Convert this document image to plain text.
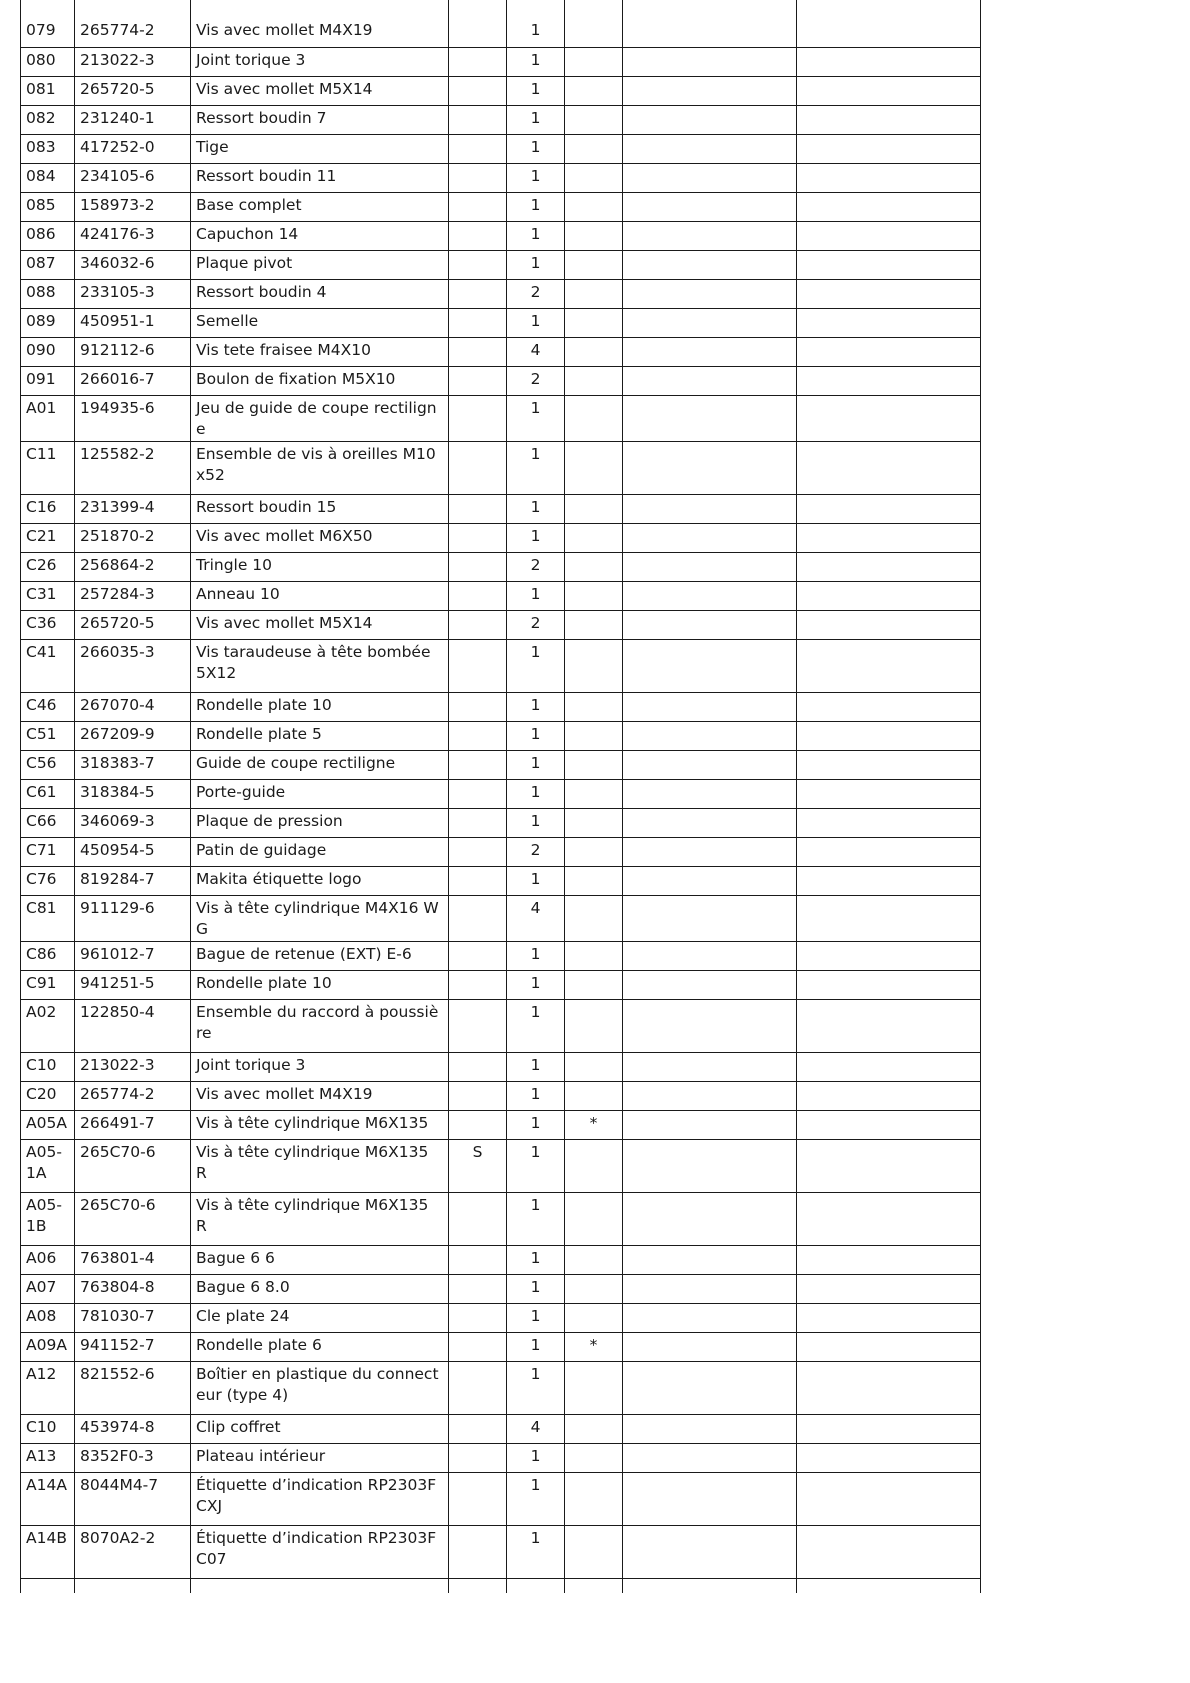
079	265774-2	Vis avec mollet M4X19		1			
080	213022-3	Joint torique 3		1			
081	265720-5	Vis avec mollet M5X14		1			
082	231240-1	Ressort boudin 7		1			
083	417252-0	Tige		1			
084	234105-6	Ressort boudin 11		1			
085	158973-2	Base complet		1			
086	424176-3	Capuchon 14		1			
087	346032-6	Plaque pivot		1			
088	233105-3	Ressort boudin 4		2			
089	450951-1	Semelle		1			
090	912112-6	Vis tete fraisee M4X10		4			
091	266016-7	Boulon de fixation M5X10		2			
A01	194935-6	Jeu de guide de coupe rectiligne		1			
C11	125582-2	Ensemble de vis à oreilles M10x52		1			
C16	231399-4	Ressort boudin 15		1			
C21	251870-2	Vis avec mollet M6X50		1			
C26	256864-2	Tringle 10		2			
C31	257284-3	Anneau 10		1			
C36	265720-5	Vis avec mollet M5X14		2			
C41	266035-3	Vis taraudeuse à tête bombée 5X12		1			
C46	267070-4	Rondelle plate 10		1			
C51	267209-9	Rondelle plate 5		1			
C56	318383-7	Guide de coupe rectiligne		1			
C61	318384-5	Porte-guide		1			
C66	346069-3	Plaque de pression		1			
C71	450954-5	Patin de guidage		2			
C76	819284-7	Makita étiquette logo		1			
C81	911129-6	Vis à tête cylindrique M4X16 WG		4			
C86	961012-7	Bague de retenue (EXT) E-6		1			
C91	941251-5	Rondelle plate 10		1			
A02	122850-4	Ensemble du raccord à poussière		1			
C10	213022-3	Joint torique 3		1			
C20	265774-2	Vis avec mollet M4X19		1			
A05A	266491-7	Vis à tête cylindrique M6X135		1	*		
A05-1A	265C70-6	Vis à tête cylindrique M6X135 R	S	1			
A05-1B	265C70-6	Vis à tête cylindrique M6X135 R		1			
A06	763801-4	Bague 6 6		1			
A07	763804-8	Bague 6 8.0		1			
A08	781030-7	Cle plate 24		1			
A09A	941152-7	Rondelle plate 6		1	*		
A12	821552-6	Boîtier en plastique du connecteur (type 4)		1			
C10	453974-8	Clip coffret		4			
A13	8352F0-3	Plateau intérieur		1			
A14A	8044M4-7	Étiquette d’indication RP2303FCXJ		1			
A14B	8070A2-2	Étiquette d’indication RP2303FC07		1			
